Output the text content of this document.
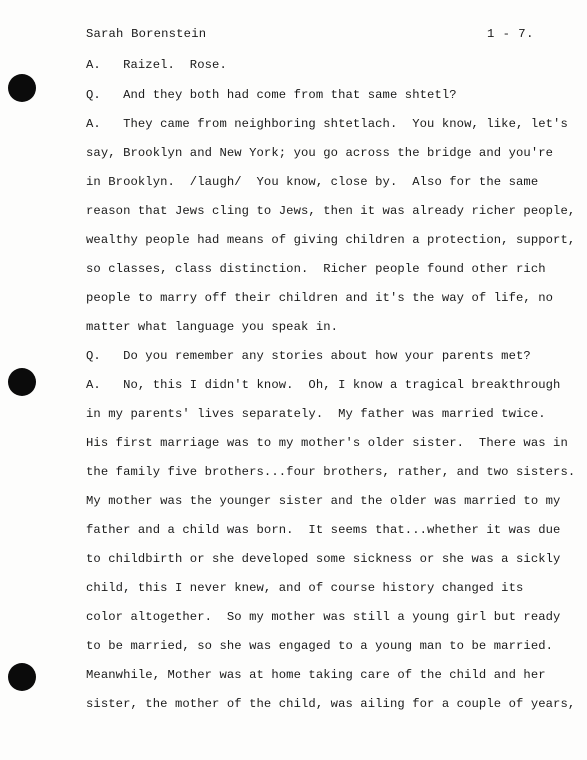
Sarah Borenstein	1 - 7.
A.   Raizel.  Rose.
Q.   And they both had come from that same shtetl?
A.   They came from neighboring shtetlach.  You know, like, let's
say, Brooklyn and New York; you go across the bridge and you're
in Brooklyn.  /laugh/  You know, close by.  Also for the same
reason that Jews cling to Jews, then it was already richer people,
wealthy people had means of giving children a protection, support,
so classes, class distinction.  Richer people found other rich
people to marry off their children and it's the way of life, no
matter what language you speak in.
Q.   Do you remember any stories about how your parents met?
A.   No, this I didn't know.  Oh, I know a tragical breakthrough
in my parents' lives separately.  My father was married twice.
His first marriage was to my mother's older sister.  There was in
the family five brothers...four brothers, rather, and two sisters.
My mother was the younger sister and the older was married to my
father and a child was born.  It seems that...whether it was due
to childbirth or she developed some sickness or she was a sickly
child, this I never knew, and of course history changed its
color altogether.  So my mother was still a young girl but ready
to be married, so she was engaged to a young man to be married.
Meanwhile, Mother was at home taking care of the child and her
sister, the mother of the child, was ailing for a couple of years,
